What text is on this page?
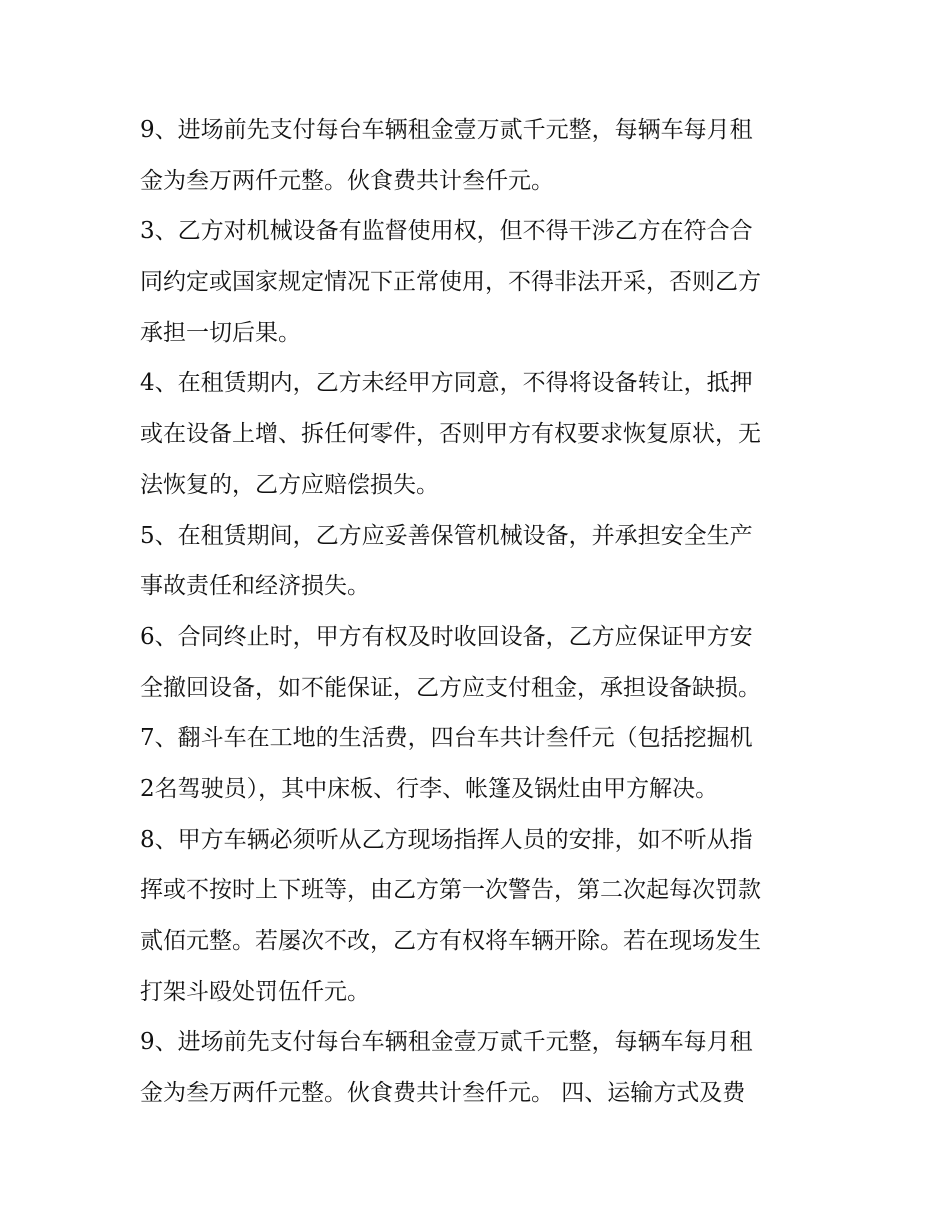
9、进场前先支付每台车辆租金壹万贰千元整，每辆车每月租
金为叁万两仟元整。伙食费共计叁仟元。
3、乙方对机械设备有监督使用权，但不得干涉乙方在符合合
同约定或国家规定情况下正常使用，不得非法开采，否则乙方
承担一切后果。
4、在租赁期内，乙方未经甲方同意，不得将设备转让，抵押
或在设备上增、拆任何零件，否则甲方有权要求恢复原状，无
法恢复的，乙方应赔偿损失。
5、在租赁期间，乙方应妥善保管机械设备，并承担安全生产
事故责任和经济损失。
6、合同终止时，甲方有权及时收回设备，乙方应保证甲方安
全撤回设备，如不能保证，乙方应支付租金，承担设备缺损。
7、翻斗车在工地的生活费，四台车共计叁仟元（包括挖掘机
2名驾驶员），其中床板、行李、帐篷及锅灶由甲方解决。
8、甲方车辆必须听从乙方现场指挥人员的安排，如不听从指
挥或不按时上下班等，由乙方第一次警告，第二次起每次罚款
贰佰元整。若屡次不改，乙方有权将车辆开除。若在现场发生
打架斗殴处罚伍仟元。
9、进场前先支付每台车辆租金壹万贰千元整，每辆车每月租
金为叁万两仟元整。伙食费共计叁仟元。 四、运输方式及费
